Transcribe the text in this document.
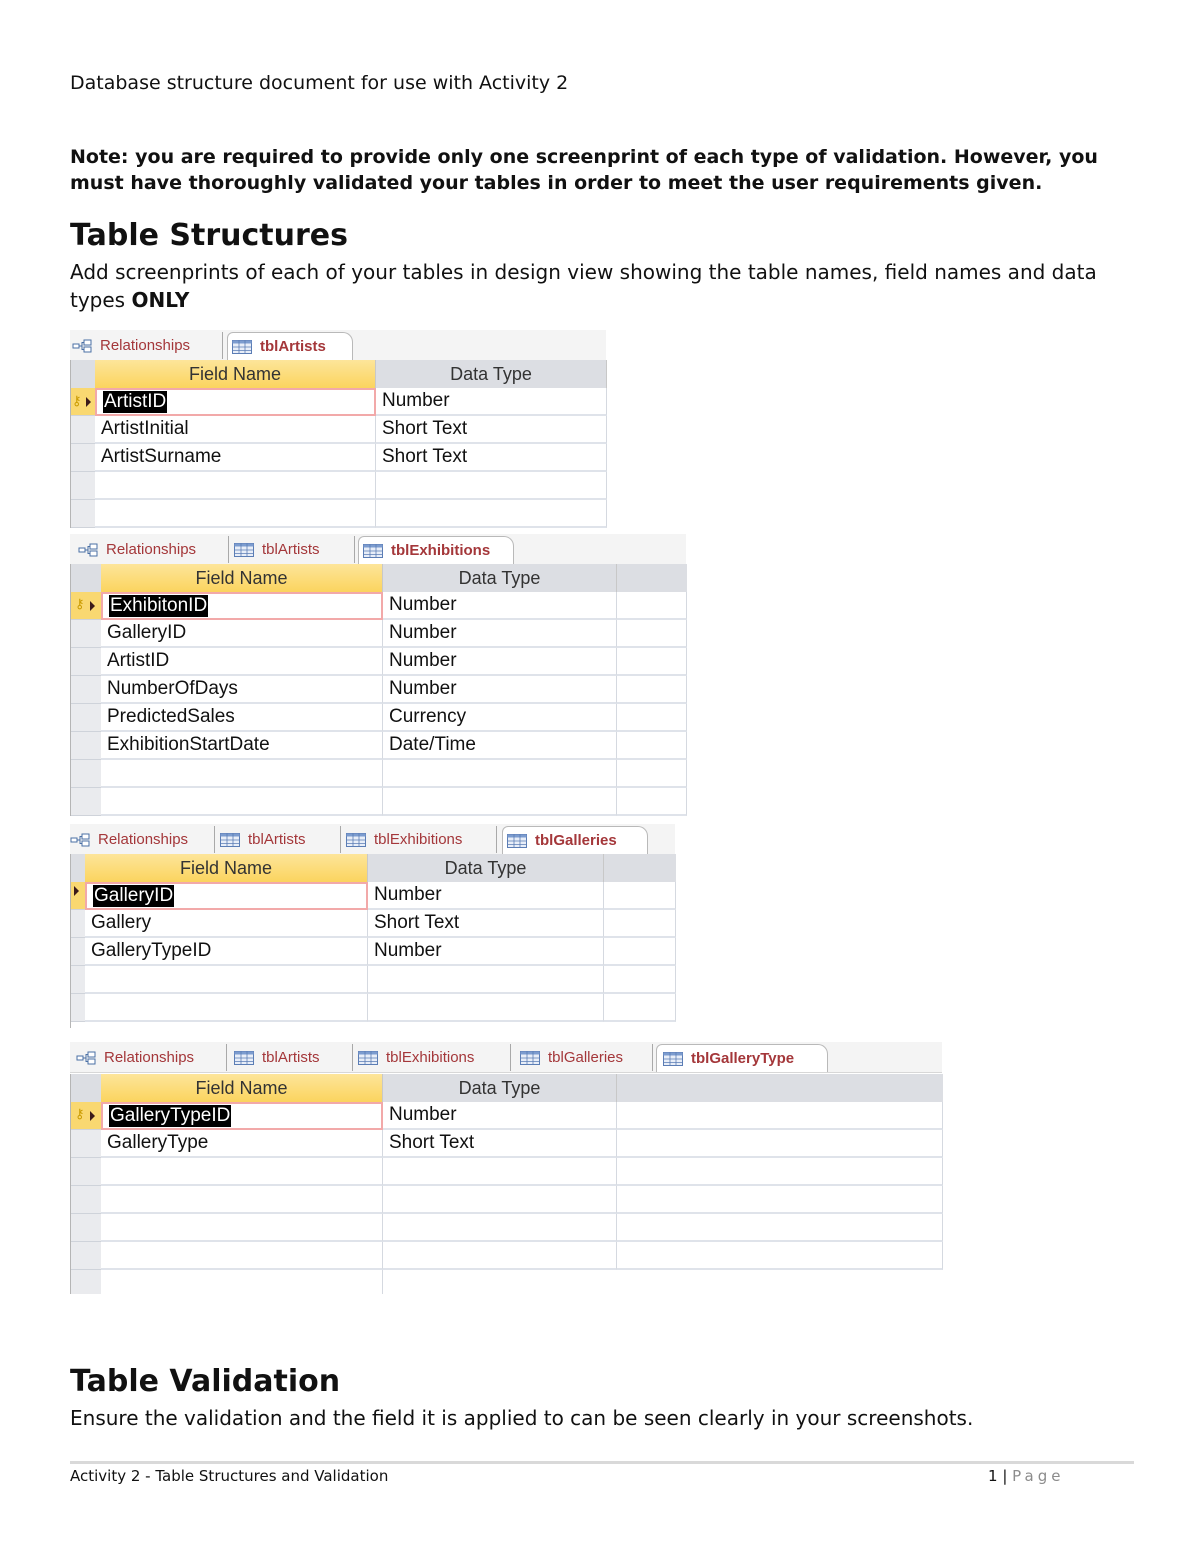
Database structure document for use with Activity 2
Note: you are required to provide only one screenprint of each type of validation. However, you must have thoroughly validated your tables in order to meet the user requirements given.
Table Structures
Add screenprints of each of your tables in design view showing the table names, field names and data types ONLY
Relationships	tblArtists
Field Name	Data Type
⚷ ArtistID	Number
ArtistInitial	Short Text
ArtistSurname	Short Text
Relationships	tblArtists	tblExhibitions
Field Name	Data Type
⚷ ExhibitonID	Number
GalleryID	Number
ArtistID	Number
NumberOfDays	Number
PredictedSales	Currency
ExhibitionStartDate	Date/Time
Relationships	tblArtists	tblExhibitions	tblGalleries
Field Name	Data Type
GalleryID	Number
Gallery	Short Text
GalleryTypeID	Number
Relationships	tblArtists	tblExhibitions	tblGalleries	tblGalleryType
Field Name	Data Type
⚷ GalleryTypeID	Number
GalleryType	Short Text
Table Validation
Ensure the validation and the field it is applied to can be seen clearly in your screenshots.
Activity 2 - Table Structures and Validation	1 | Page
